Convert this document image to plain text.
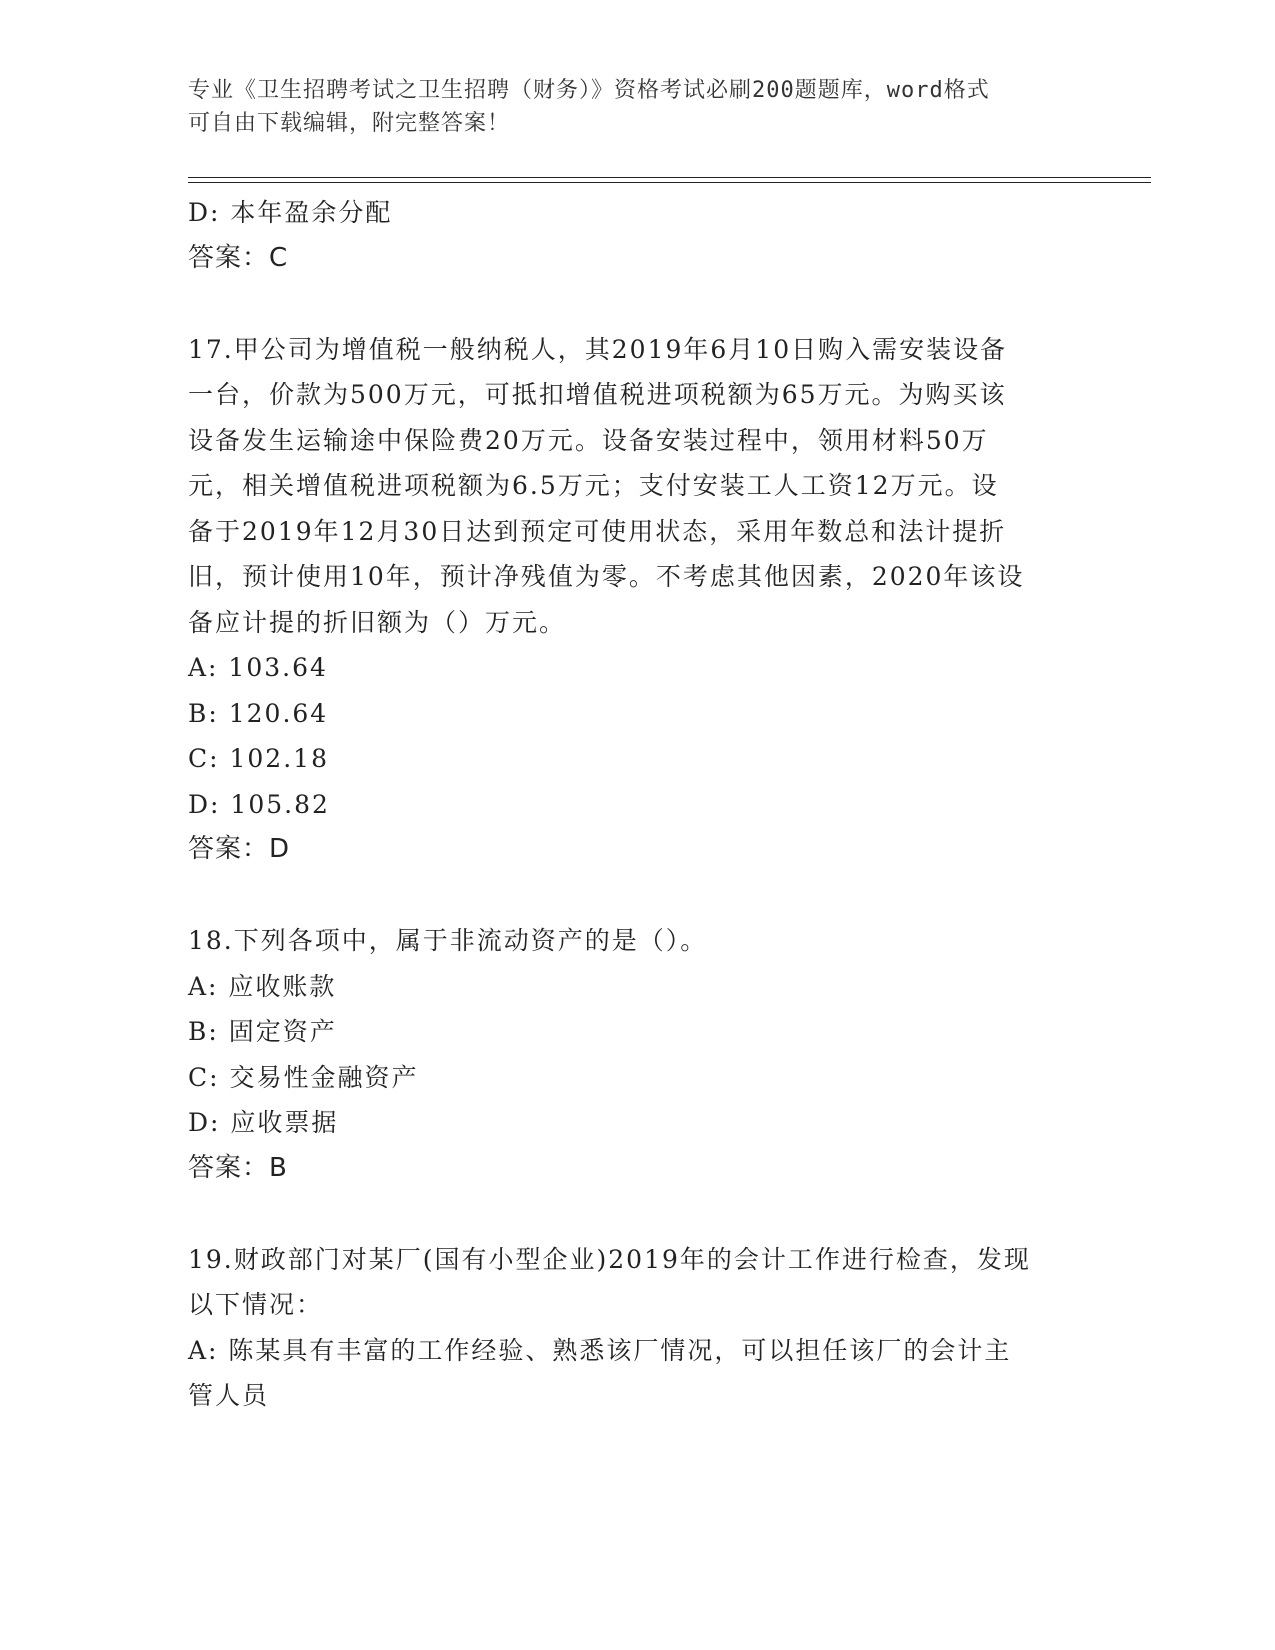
专业《卫生招聘考试之卫生招聘（财务）》资格考试必刷200题题库，word格式
可自由下载编辑，附完整答案！
D: 本年盈余分配
答案：C
17.甲公司为增值税一般纳税人，其2019年6月10日购入需安装设备
一台，价款为500万元，可抵扣增值税进项税额为65万元。为购买该
设备发生运输途中保险费20万元。设备安装过程中，领用材料50万
元，相关增值税进项税额为6.5万元；支付安装工人工资12万元。设
备于2019年12月30日达到预定可使用状态，采用年数总和法计提折
旧，预计使用10年，预计净残值为零。不考虑其他因素，2020年该设
备应计提的折旧额为（）万元。
A: 103.64
B: 120.64
C: 102.18
D: 105.82
答案：D
18.下列各项中，属于非流动资产的是（）。
A: 应收账款
B: 固定资产
C: 交易性金融资产
D: 应收票据
答案：B
19.财政部门对某厂(国有小型企业)2019年的会计工作进行检查，发现
以下情况：
A: 陈某具有丰富的工作经验、熟悉该厂情况，可以担任该厂的会计主
管人员
